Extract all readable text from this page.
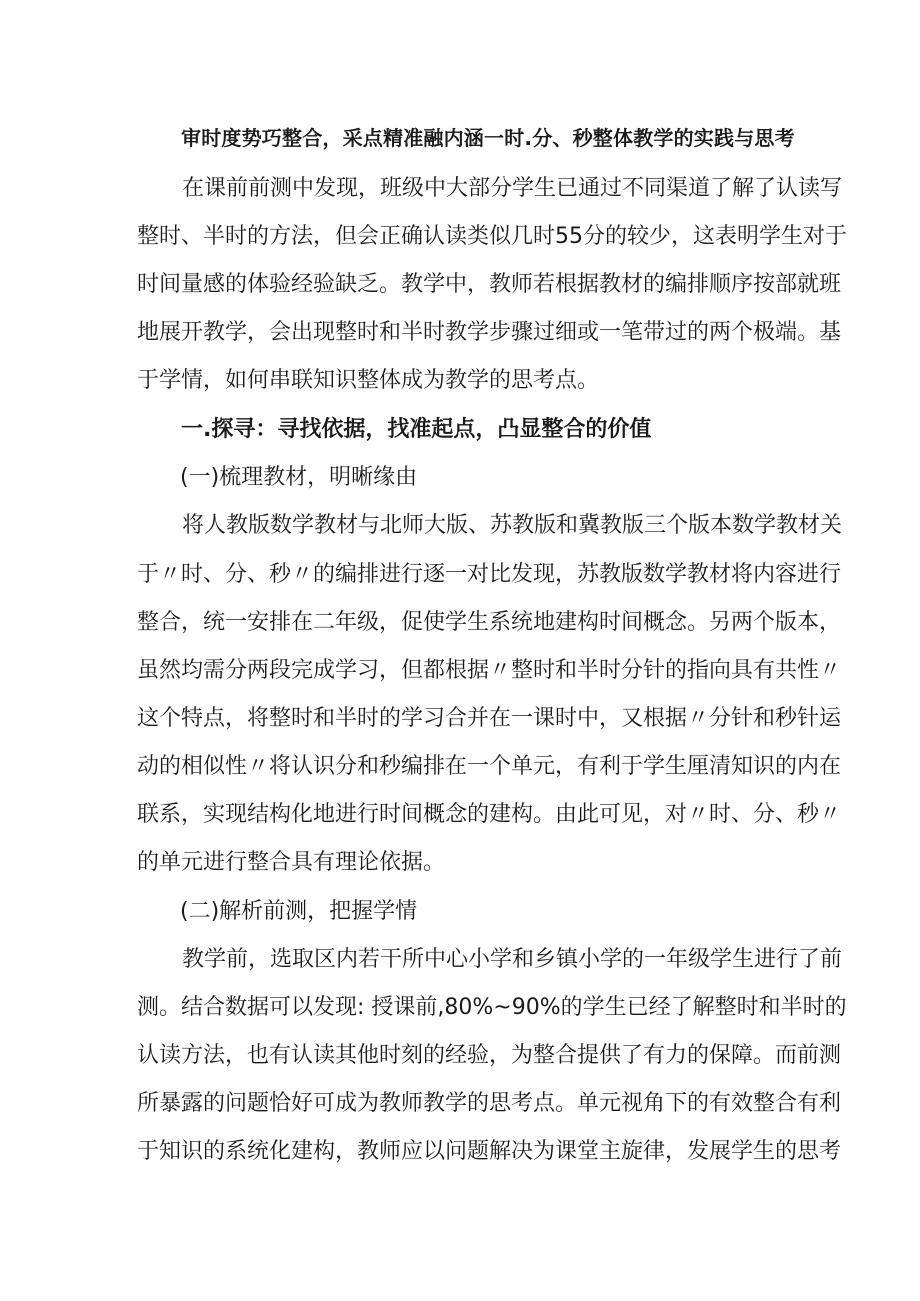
审时度势巧整合，采点精准融内涵一时.分、秒整体教学的实践与思考
在课前前测中发现，班级中大部分学生已通过不同渠道了解了认读写
整时、半时的方法，但会正确认读类似几时55分的较少，这表明学生对于
时间量感的体验经验缺乏。教学中，教师若根据教材的编排顺序按部就班
地展开教学，会出现整时和半时教学步骤过细或一笔带过的两个极端。基
于学情，如何串联知识整体成为教学的思考点。
一.探寻：寻找依据，找准起点，凸显整合的价值
(一)梳理教材，明晰缘由
将人教版数学教材与北师大版、苏教版和冀教版三个版本数学教材关
于〃时、分、秒〃的编排进行逐一对比发现，苏教版数学教材将内容进行
整合，统一安排在二年级，促使学生系统地建构时间概念。另两个版本，
虽然均需分两段完成学习，但都根据〃整时和半时分针的指向具有共性〃
这个特点，将整时和半时的学习合并在一课时中，又根据〃分针和秒针运
动的相似性〃将认识分和秒编排在一个单元，有利于学生厘清知识的内在
联系，实现结构化地进行时间概念的建构。由此可见，对〃时、分、秒〃
的单元进行整合具有理论依据。
(二)解析前测，把握学情
教学前，选取区内若干所中心小学和乡镇小学的一年级学生进行了前
测。结合数据可以发现: 授课前,80%~90%的学生已经了解整时和半时的
认读方法，也有认读其他时刻的经验，为整合提供了有力的保障。而前测
所暴露的问题恰好可成为教师教学的思考点。单元视角下的有效整合有利
于知识的系统化建构，教师应以问题解决为课堂主旋律，发展学生的思考
